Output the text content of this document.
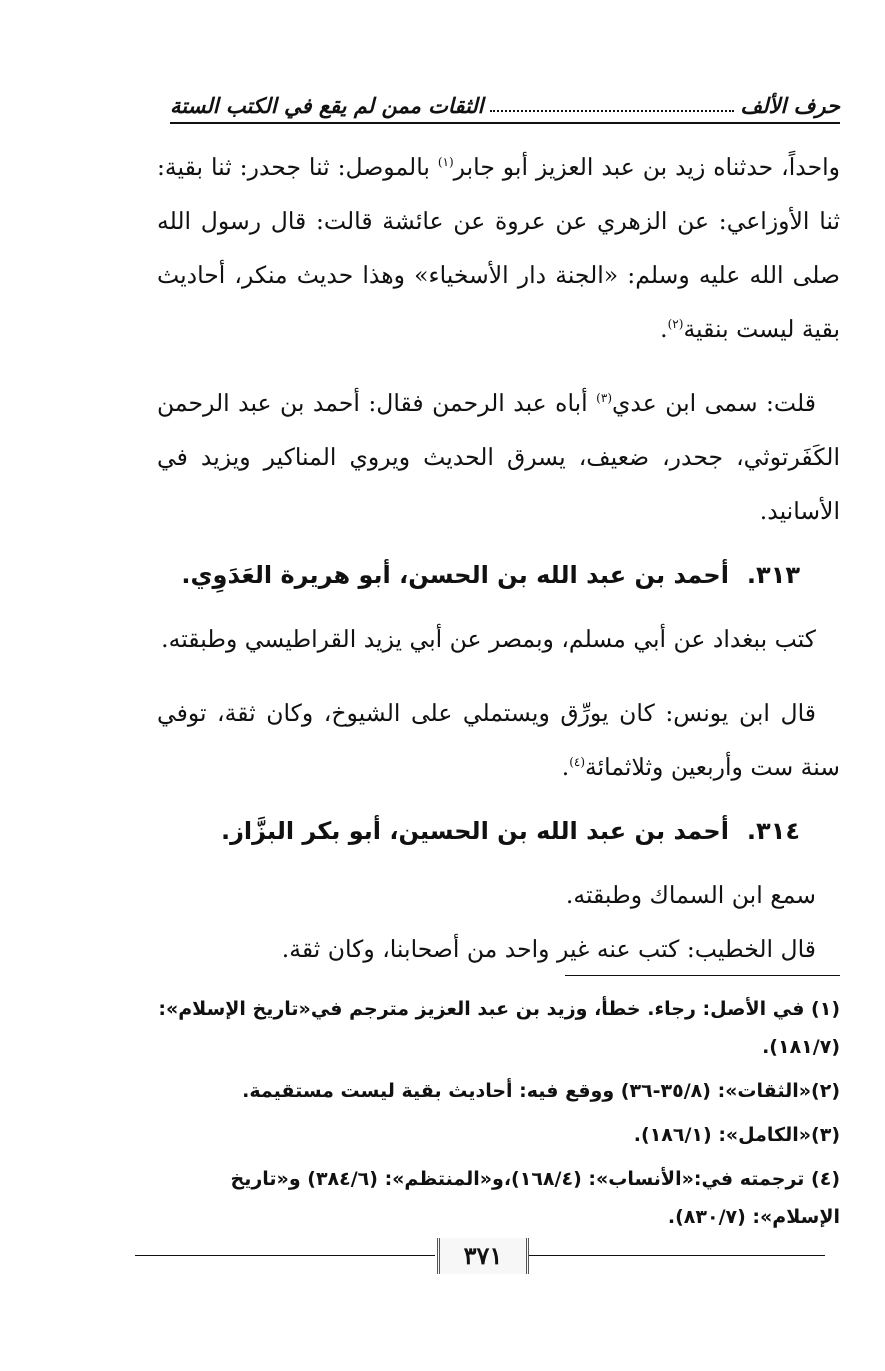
حرف الألف
الثقات ممن لم يقع في الكتب الستة

واحداً، حدثناه زيد بن عبد العزيز أبو جابر$^{(١)}$ بالموصل: ثنا جحدر: ثنا بقية: ثنا الأوزاعي: عن الزهري عن عروة عن عائشة قالت: قال رسول الله صلى الله عليه وسلم: «الجنة دار الأسخياء» وهذا حديث منكر، أحاديث بقية ليست بنقية$^{(٢)}$.

قلت: سمى ابن عدي$^{(٣)}$ أباه عبد الرحمن فقال: أحمد بن عبد الرحمن الكَفَرتوثي، جحدر، ضعيف، يسرق الحديث ويروي المناكير ويزيد في الأسانيد.

٣١٣.أحمد بن عبد الله بن الحسن، أبو هريرة العَدَوِي.

كتب ببغداد عن أبي مسلم، وبمصر عن أبي يزيد القراطيسي وطبقته.

قال ابن يونس: كان يورِّق ويستملي على الشيوخ، وكان ثقة، توفي سنة ست وأربعين وثلاثمائة$^{(٤)}$.

٣١٤.أحمد بن عبد الله بن الحسين، أبو بكر البزَّاز.

سمع ابن السماك وطبقته.

قال الخطيب: كتب عنه غير واحد من أصحابنا، وكان ثقة.

(١) في الأصل: رجاء. خطأ، وزيد بن عبد العزيز مترجم في«تاريخ الإسلام»: (١٨١/٧).

(٢)«الثقات»: (٣٥/٨-٣٦) ووقع فيه: أحاديث بقية ليست مستقيمة.

(٣)«الكامل»: (١٨٦/١).

(٤) ترجمته في:«الأنساب»: (١٦٨/٤)،و«المنتظم»: (٣٨٤/٦) و«تاريخ الإسلام»: (٨٣٠/٧).

٣٧١
